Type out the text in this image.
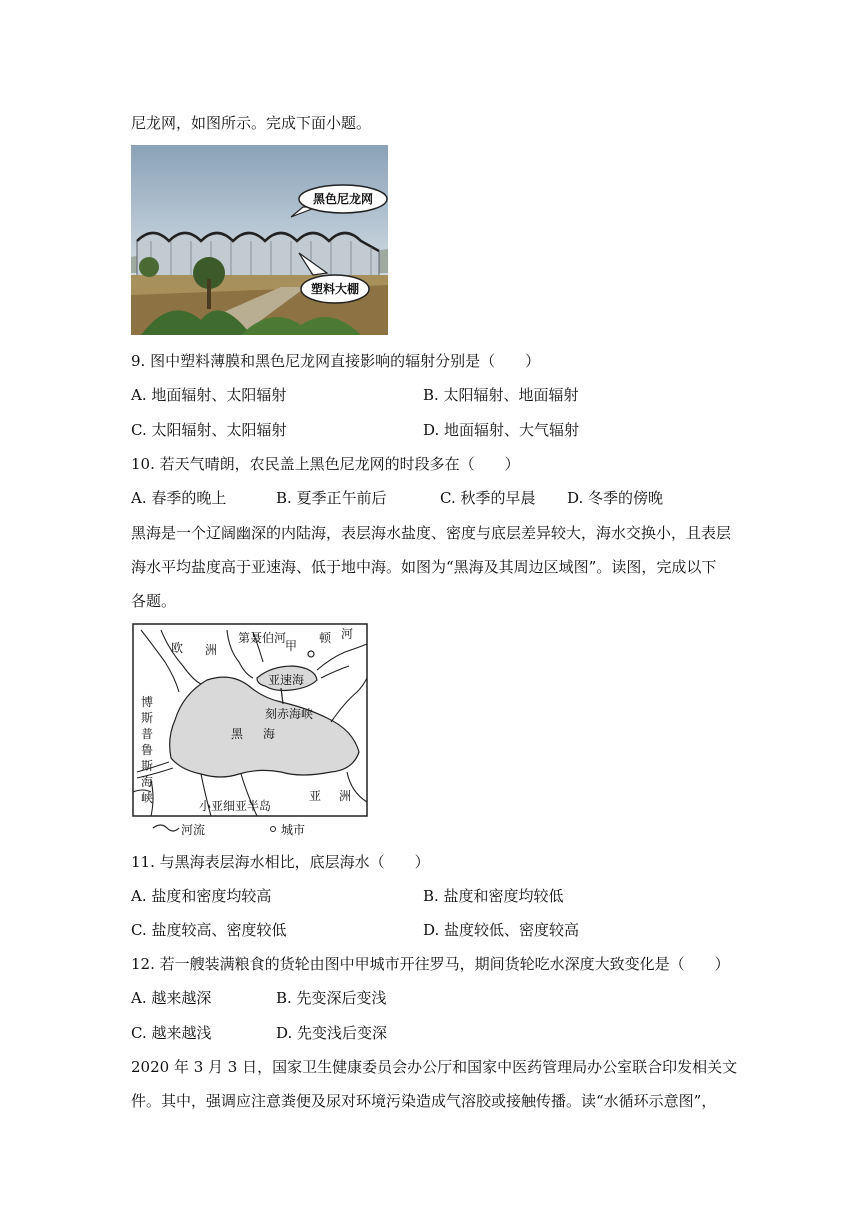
尼龙网，如图所示。完成下面小题。
黑色尼龙网
塑料大棚
9. 图中塑料薄膜和黑色尼龙网直接影响的辐射分别是（　　）
A. 地面辐射、太阳辐射	B. 太阳辐射、地面辐射
C. 太阳辐射、太阳辐射	D. 地面辐射、大气辐射
10. 若天气晴朗，农民盖上黑色尼龙网的时段多在（　　）
A. 春季的晚上	B. 夏季正午前后	C. 秋季的早晨 D. 冬季的傍晚
黑海是一个辽阔幽深的内陆海，表层海水盐度、密度与底层差异较大，海水交换小，且表层
海水平均盐度高于亚速海、低于地中海。如图为“黑海及其周边区域图”。读图，完成以下
各题。
第聂伯河
甲
顿 河
欧 洲
亚速海
刻赤海峡
黑 海
博
斯
普
鲁
斯
海
峡
小亚细亚半岛
亚 洲
河流	城市
11. 与黑海表层海水相比，底层海水（　　）
A. 盐度和密度均较高	B. 盐度和密度均较低
C. 盐度较高、密度较低	D. 盐度较低、密度较高
12. 若一艘装满粮食的货轮由图中甲城市开往罗马，期间货轮吃水深度大致变化是（　　）
A. 越来越深	B. 先变深后变浅
C. 越来越浅	D. 先变浅后变深
2020 年 3 月 3 日，国家卫生健康委员会办公厅和国家中医药管理局办公室联合印发相关文
件。其中，强调应注意粪便及尿对环境污染造成气溶胶或接触传播。读“水循环示意图”，
